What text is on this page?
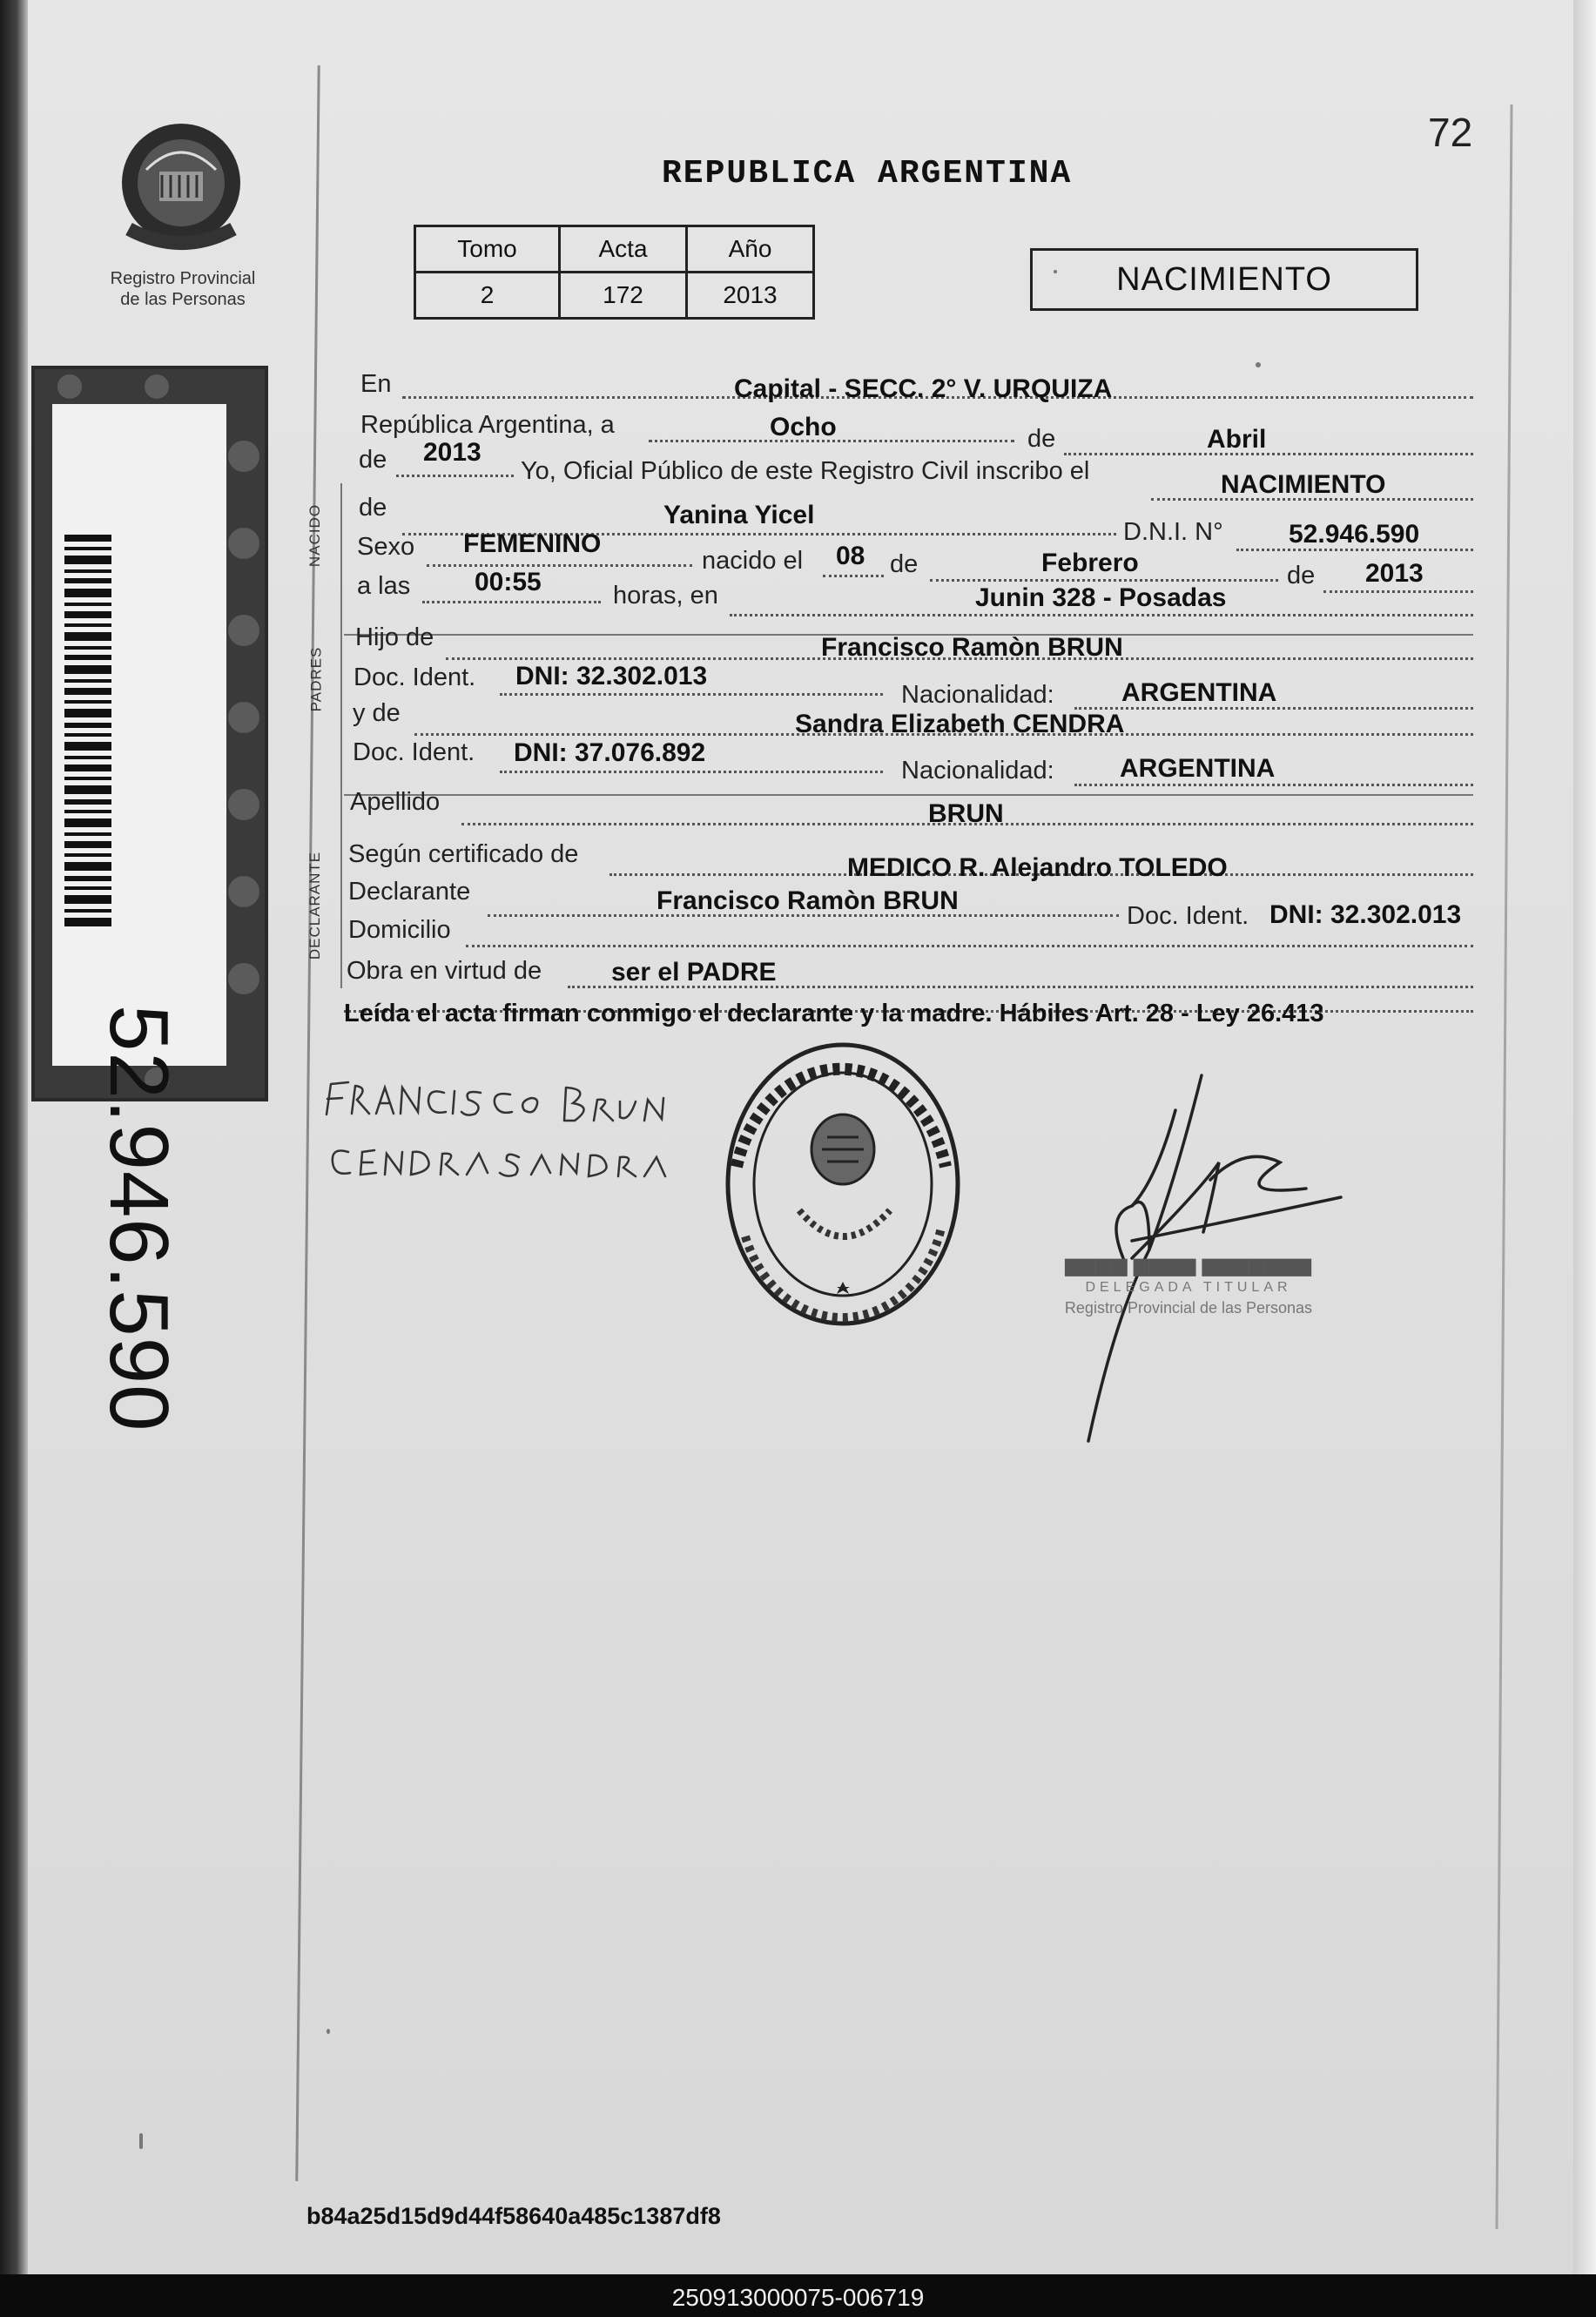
72
Registro Provincial
de las Personas
52.946.590
REPUBLICA ARGENTINA
Tomo	Acta	Año
2	172	2013	NACIMIENTO
NACIDO
PADRES
DECLARANTE
En	Capital - SECC. 2° V. URQUIZA
República Argentina, a	Ocho	de	Abril
de 2013
Yo, Oficial Público de este Registro Civil inscribo el	NACIMIENTO
de	Yanina Yicel
D.N.I. N°	52.946.590
Sexo FEMENINO
nacido el 08 de	Febrero	de 2013
a las 00:55	horas, en	Junin 328 - Posadas
Hijo de	Francisco Ramòn BRUN
Doc. Ident. DNI: 32.302.013
Nacionalidad:	ARGENTINA
y de	Sandra Elizabeth CENDRA
Doc. Ident. DNI: 37.076.892
Nacionalidad:	ARGENTINA
Apellido	BRUN
Según certificado de	MEDICO R. Alejandro TOLEDO
Declarante	Francisco Ramòn BRUN
Doc. Ident. DNI: 32.302.013
Domicilio
Obra en virtud de	ser el PADRE
Leída el acta firman conmigo el declarante y la madre. Hábiles Art. 28 - Ley 26.413
▆▆▆▆ ▆▆▆▆ ▆▆▆▆▆▆▆
DELEGADA TITULAR
Registro Provincial de las Personas
b84a25d15d9d44f58640a485c1387df8
250913000075-006719
